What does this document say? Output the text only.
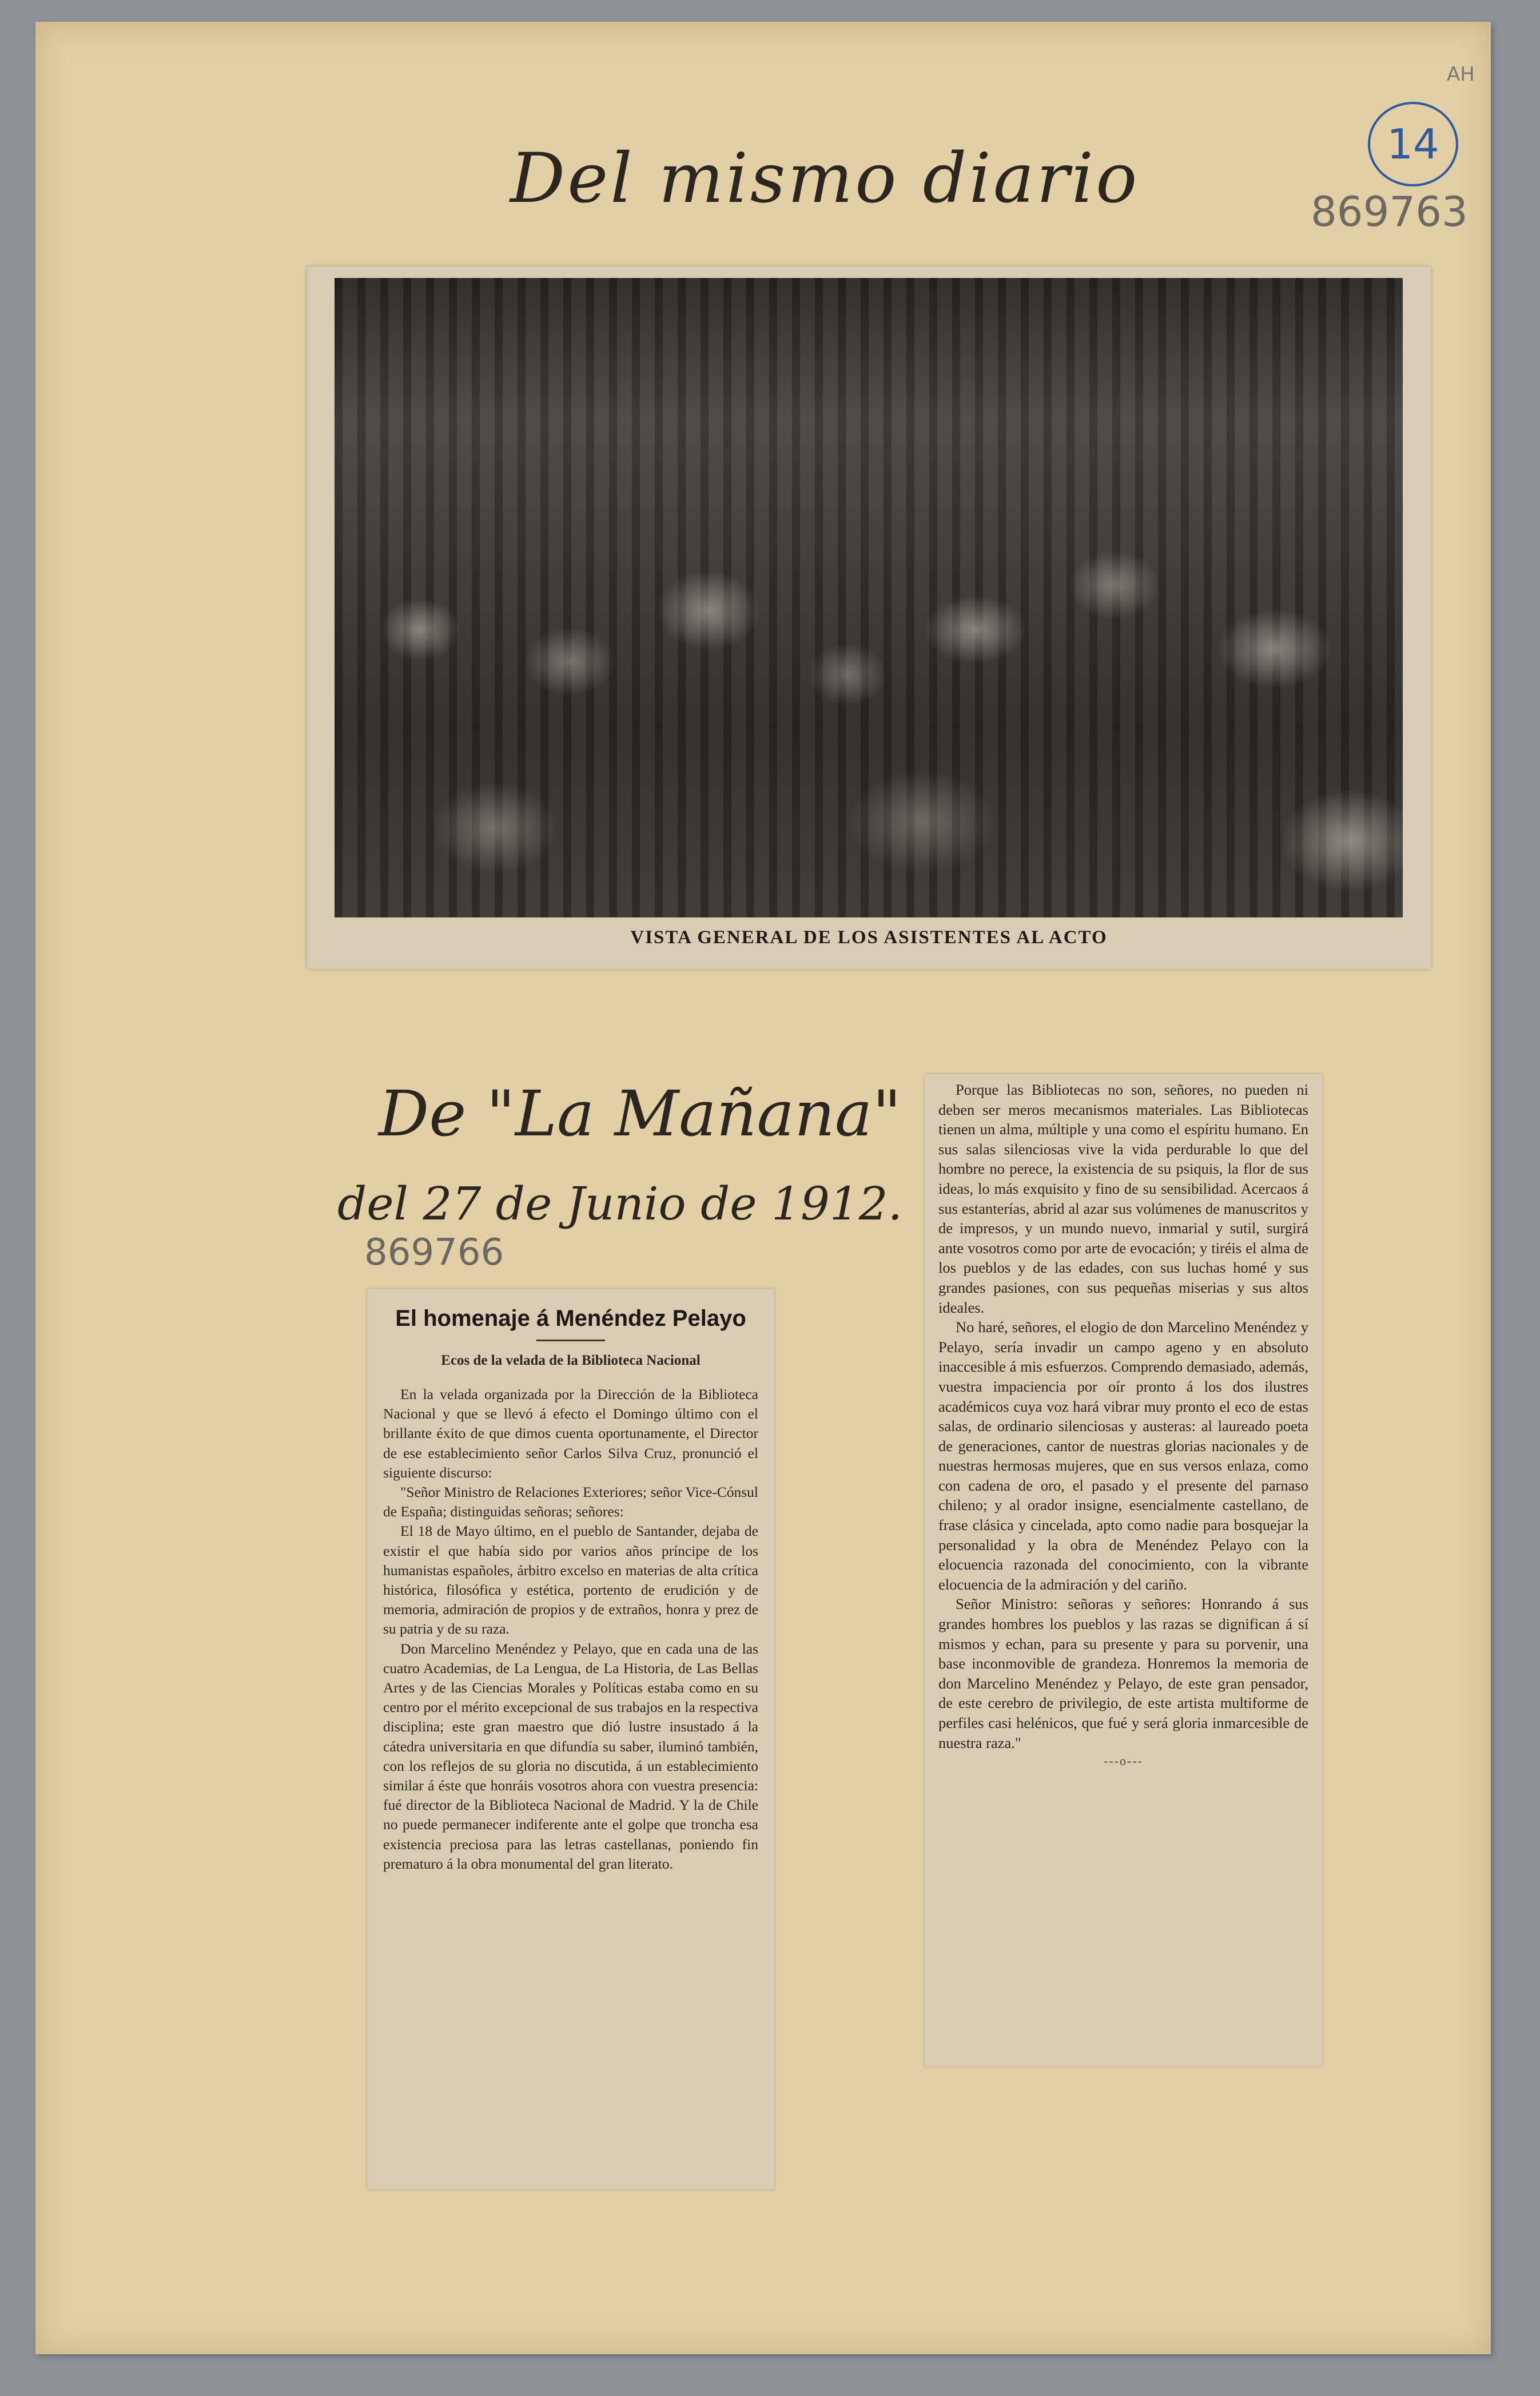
Del mismo diario
AH
14
869763
VISTA GENERAL DE LOS ASISTENTES AL ACTO
De "La Mañana"
del 27 de Junio de 1912.
869766
El homenaje á Menéndez Pelayo
Ecos de la velada de la Biblioteca Nacional

En la velada organizada por la Dirección de la Biblioteca Nacional y que se llevó á efecto el Domingo último con el brillante éxito de que dimos cuenta oportunamente, el Director de ese establecimiento señor Carlos Silva Cruz, pronunció el siguiente discurso:

"Señor Ministro de Relaciones Exteriores; señor Vice-Cónsul de España; distinguidas señoras; señores:

El 18 de Mayo último, en el pueblo de Santander, dejaba de existir el que había sido por varios años príncipe de los humanistas españoles, árbitro excelso en materias de alta crítica histórica, filosófica y estética, portento de erudición y de memoria, admiración de propios y de extraños, honra y prez de su patria y de su raza.

Don Marcelino Menéndez y Pelayo, que en cada una de las cuatro Academias, de La Lengua, de La Historia, de Las Bellas Artes y de las Ciencias Morales y Políticas estaba como en su centro por el mérito excepcional de sus trabajos en la respectiva disciplina; este gran maestro que dió lustre insustado á la cátedra universitaria en que difundía su saber, iluminó también, con los reflejos de su gloria no discutida, á un establecimiento similar á éste que honráis vosotros ahora con vuestra presencia: fué director de la Biblioteca Nacional de Madrid. Y la de Chile no puede permanecer indiferente ante el golpe que troncha esa existencia preciosa para las letras castellanas, poniendo fin prematuro á la obra monumental del gran literato.

Porque las Bibliotecas no son, señores, no pueden ni deben ser meros mecanismos materiales. Las Bibliotecas tienen un alma, múltiple y una como el espíritu humano. En sus salas silenciosas vive la vida perdurable lo que del hombre no perece, la existencia de su psiquis, la flor de sus ideas, lo más exquisito y fino de su sensibilidad. Acercaos á sus estanterías, abrid al azar sus volúmenes de manuscritos y de impresos, y un mundo nuevo, inmarial y sutil, surgirá ante vosotros como por arte de evocación; y tiréis el alma de los pueblos y de las edades, con sus luchas homé y sus grandes pasiones, con sus pequeñas miserias y sus altos ideales.

No haré, señores, el elogio de don Marcelino Menéndez y Pelayo, sería invadir un campo ageno y en absoluto inaccesible á mis esfuerzos. Comprendo demasiado, además, vuestra impaciencia por oír pronto á los dos ilustres académicos cuya voz hará vibrar muy pronto el eco de estas salas, de ordinario silenciosas y austeras: al laureado poeta de generaciones, cantor de nuestras glorias nacionales y de nuestras hermosas mujeres, que en sus versos enlaza, como con cadena de oro, el pasado y el presente del parnaso chileno; y al orador insigne, esencialmente castellano, de frase clásica y cincelada, apto como nadie para bosquejar la personalidad y la obra de Menéndez Pelayo con la elocuencia razonada del conocimiento, con la vibrante elocuencia de la admiración y del cariño.

Señor Ministro: señoras y señores: Honrando á sus grandes hombres los pueblos y las razas se dignifican á sí mismos y echan, para su presente y para su porvenir, una base inconmovible de grandeza. Honremos la memoria de don Marcelino Menéndez y Pelayo, de este gran pensador, de este cerebro de privilegio, de este artista multiforme de perfiles casi helénicos, que fué y será gloria inmarcesible de nuestra raza."

---o---
